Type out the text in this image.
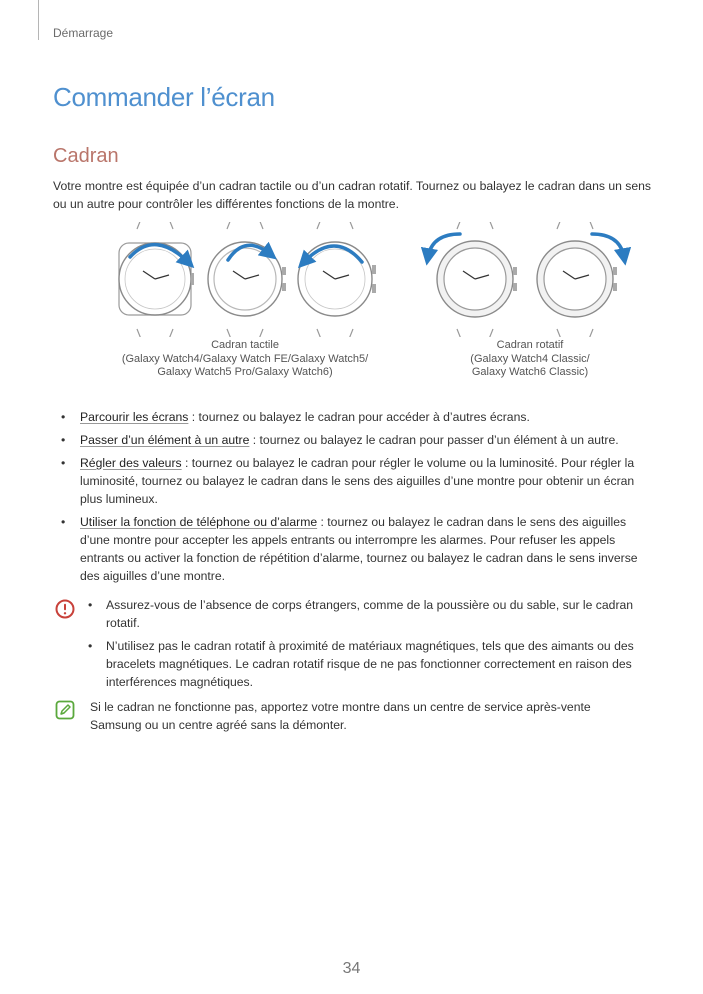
Démarrage
Commander l’écran
Cadran
Votre montre est équipée d’un cadran tactile ou d’un cadran rotatif. Tournez ou balayez le cadran dans un sens ou un autre pour contrôler les différentes fonctions de la montre.
Cadran tactile
(Galaxy Watch4/Galaxy Watch FE/Galaxy Watch5/
Galaxy Watch5 Pro/Galaxy Watch6)
Cadran rotatif
(Galaxy Watch4 Classic/
Galaxy Watch6 Classic)
• Parcourir les écrans : tournez ou balayez le cadran pour accéder à d’autres écrans.
• Passer d’un élément à un autre : tournez ou balayez le cadran pour passer d’un élément à un autre.
• Régler des valeurs : tournez ou balayez le cadran pour régler le volume ou la luminosité. Pour régler la luminosité, tournez ou balayez le cadran dans le sens des aiguilles d’une montre pour obtenir un écran plus lumineux.
• Utiliser la fonction de téléphone ou d’alarme : tournez ou balayez le cadran dans le sens des aiguilles d’une montre pour accepter les appels entrants ou interrompre les alarmes. Pour refuser les appels entrants ou activer la fonction de répétition d’alarme, tournez ou balayez le cadran dans le sens inverse des aiguilles d’une montre.
• Assurez-vous de l’absence de corps étrangers, comme de la poussière ou du sable, sur le cadran rotatif.
• N’utilisez pas le cadran rotatif à proximité de matériaux magnétiques, tels que des aimants ou des bracelets magnétiques. Le cadran rotatif risque de ne pas fonctionner correctement en raison des interférences magnétiques.
Si le cadran ne fonctionne pas, apportez votre montre dans un centre de service après-vente Samsung ou un centre agréé sans la démonter.
34
